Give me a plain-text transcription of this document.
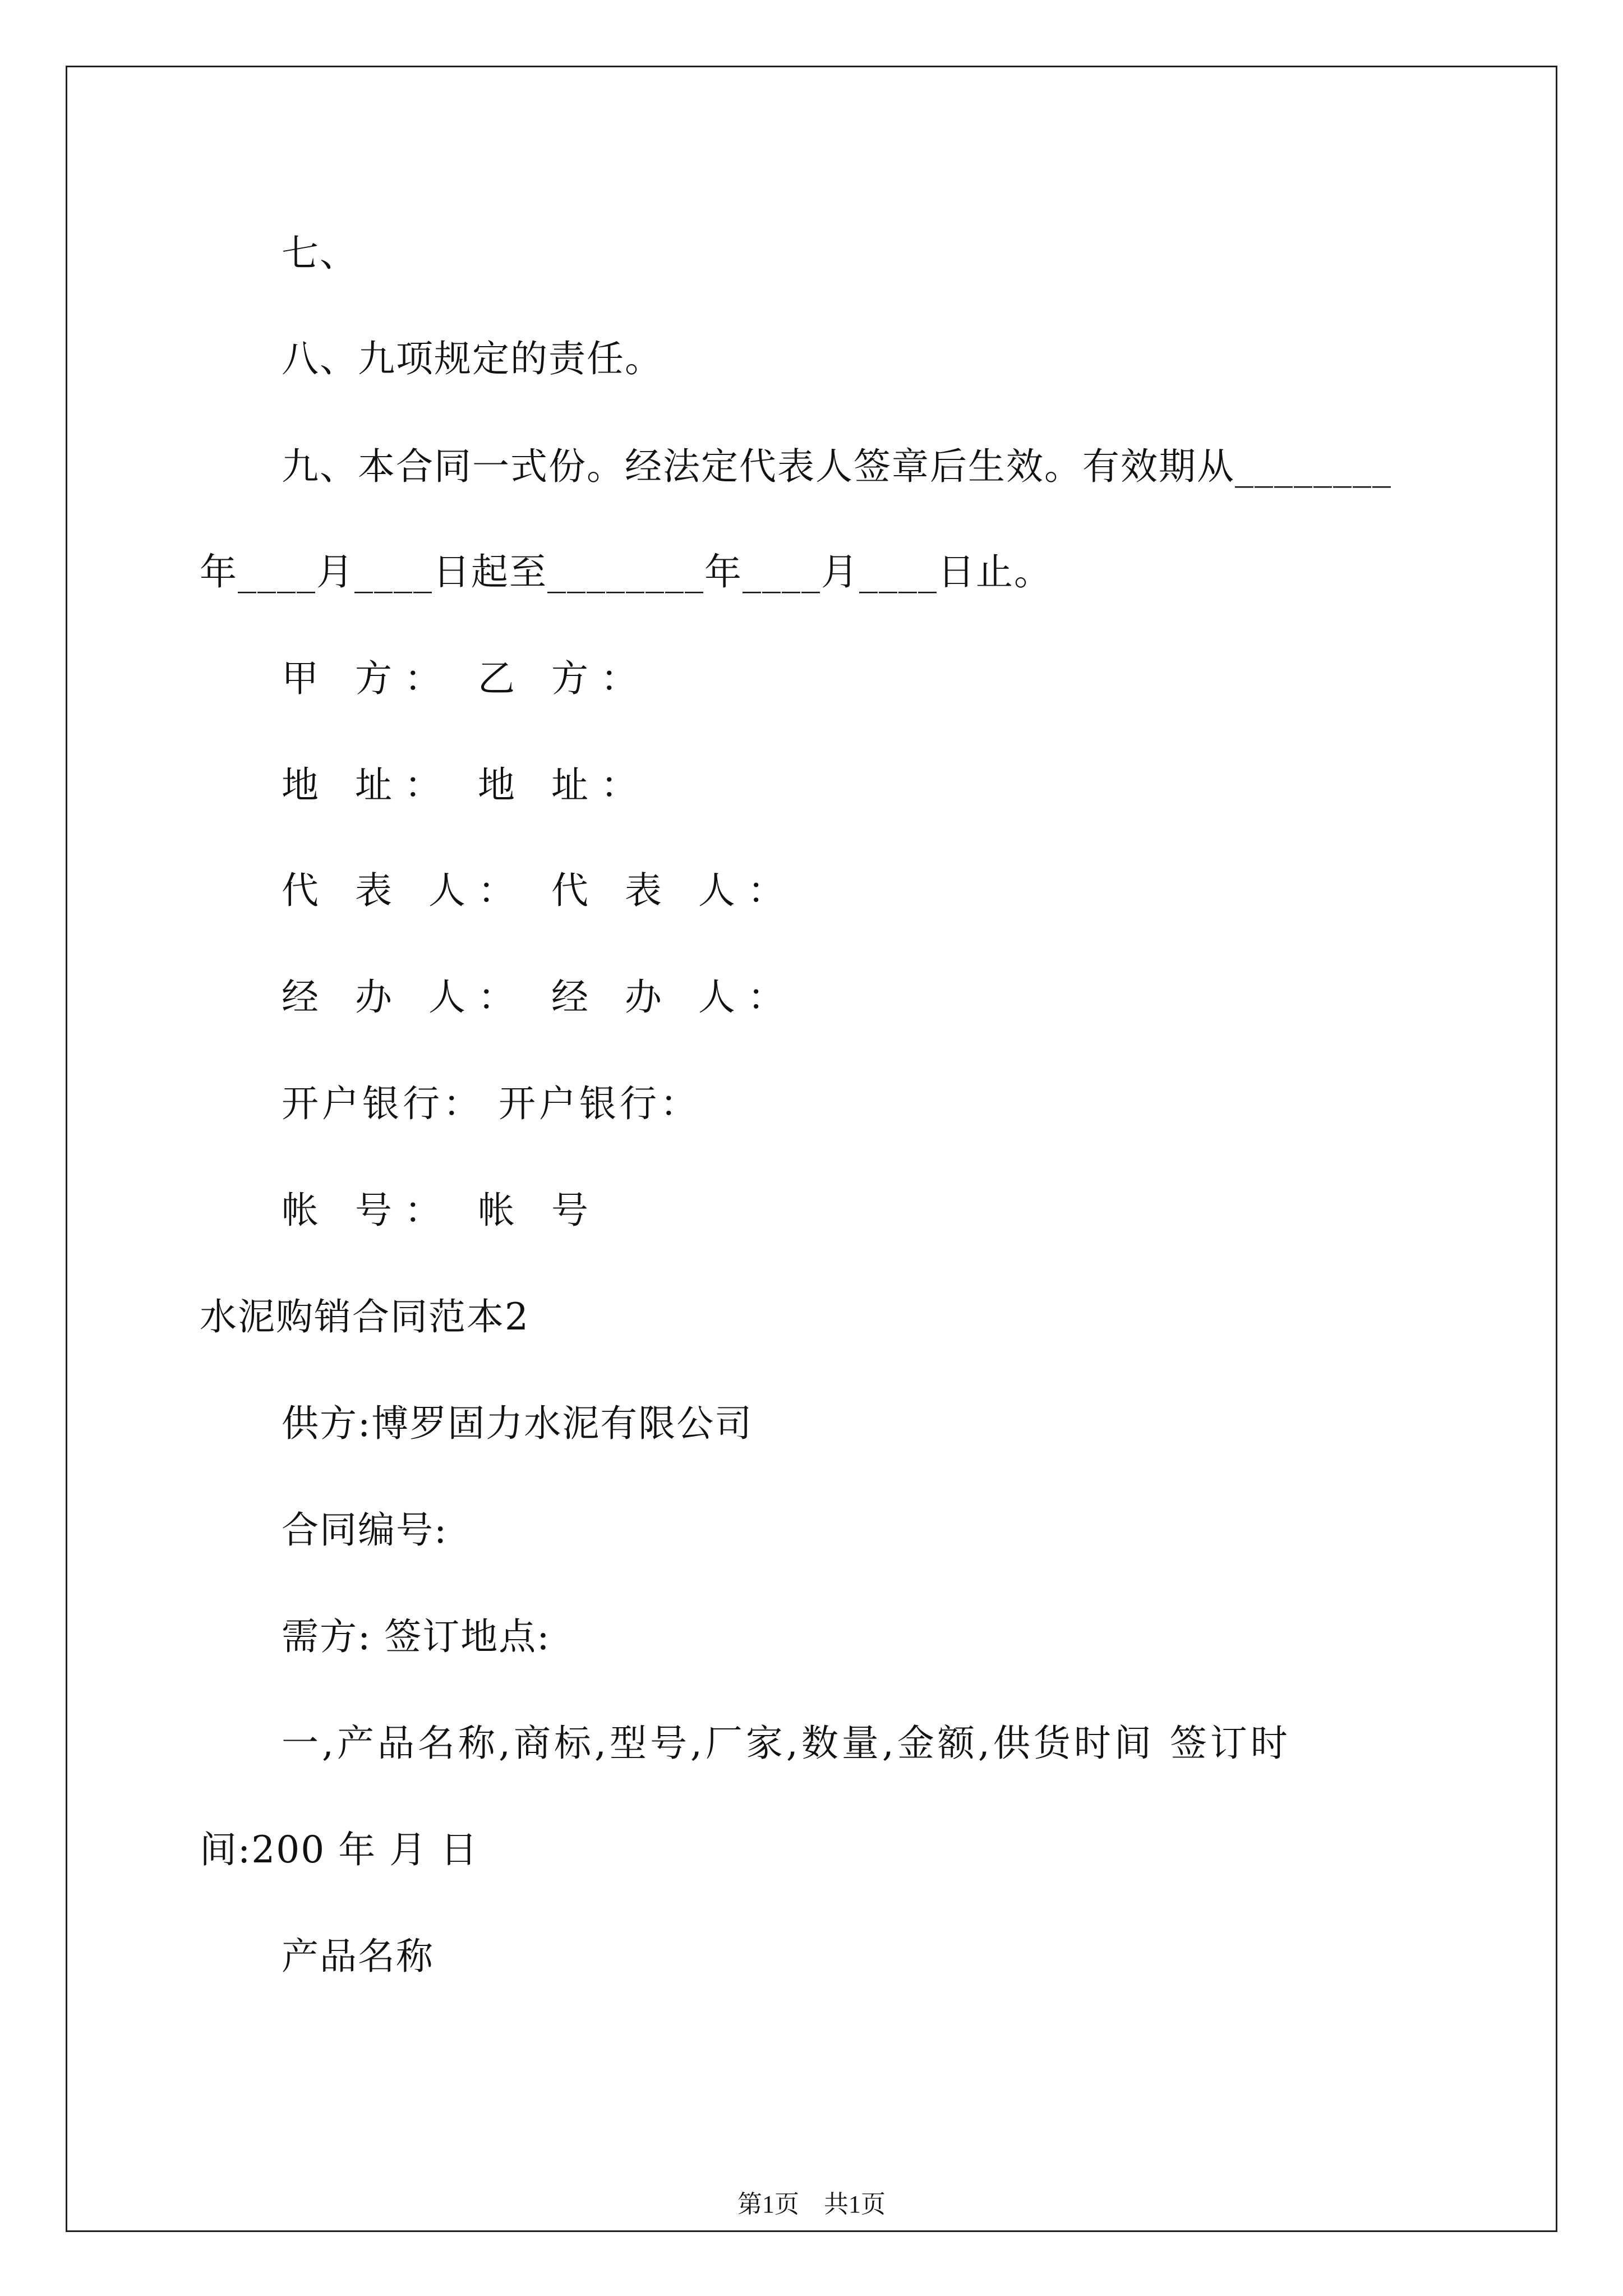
七、
八、九项规定的责任。
九、本合同一式份。经法定代表人签章后生效。有效期从________
年____月____日起至________年____月____日止。
甲 方： 乙 方：
地 址： 地 址：
代 表 人： 代 表 人：
经 办 人： 经 办 人：
开户银行： 开户银行：
帐 号： 帐 号
水泥购销合同范本2
供方:博罗固力水泥有限公司
合同编号:
需方: 签订地点:
一,产品名称,商标,型号,厂家,数量,金额,供货时间 签订时
间:200 年 月 日
产品名称
第1页　共1页
